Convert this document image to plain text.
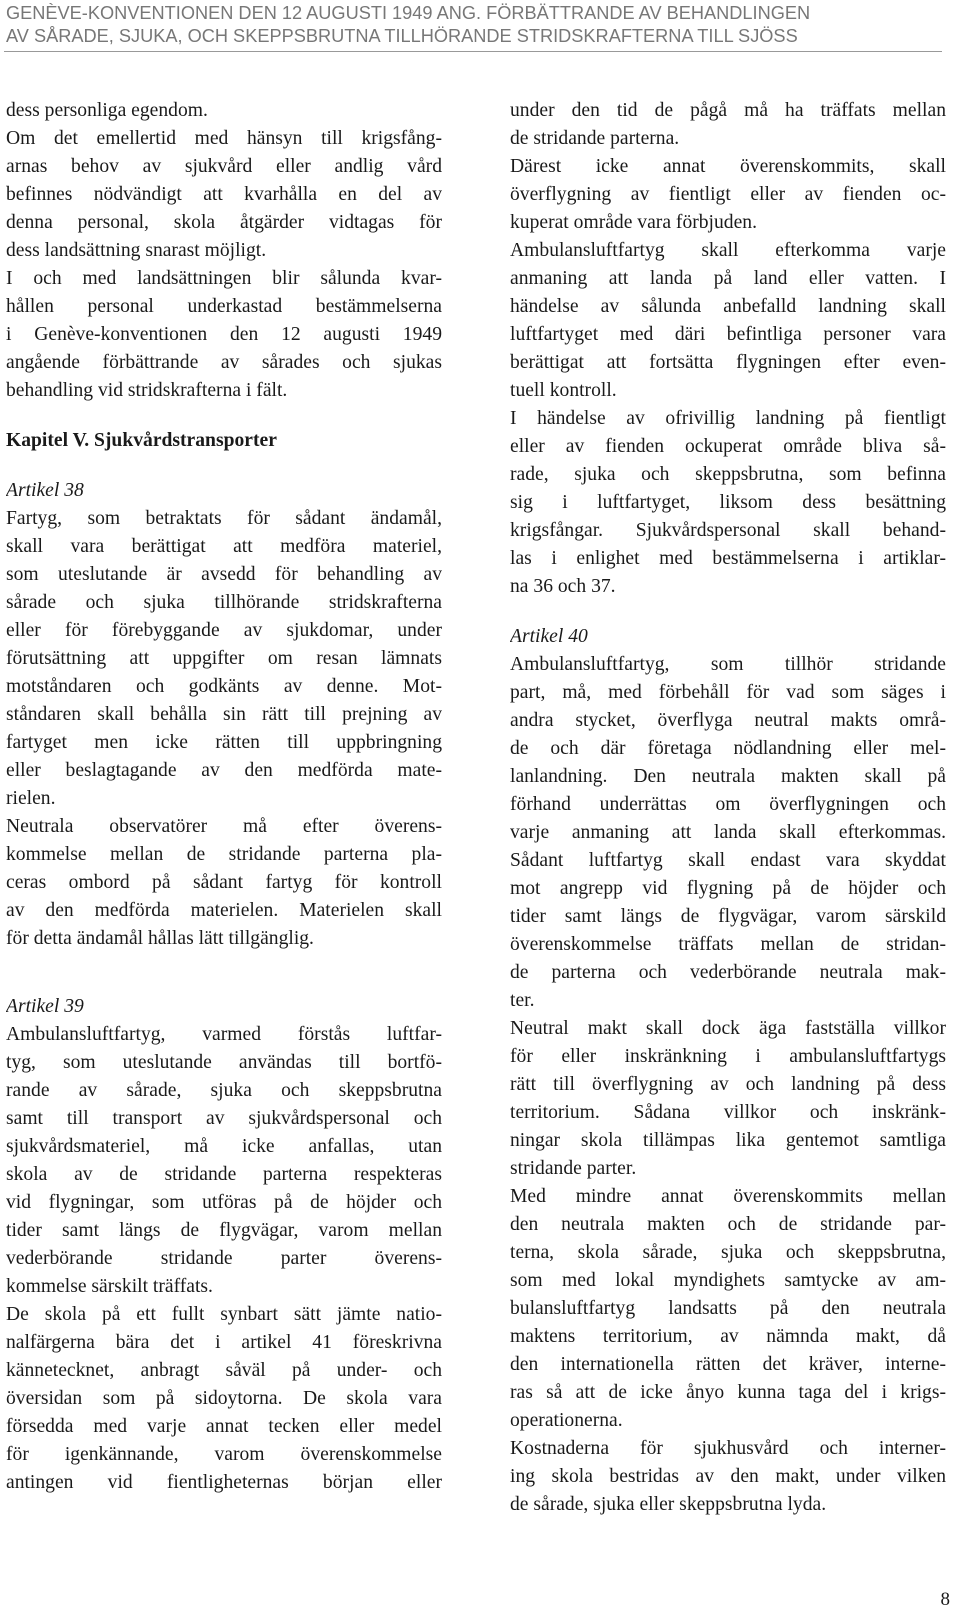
GENÈVE-KONVENTIONEN DEN 12 AUGUSTI 1949 ANG. FÖRBÄTTRANDE AV BEHANDLINGEN
AV SÅRADE, SJUKA, OCH SKEPPSBRUTNA TILLHÖRANDE STRIDSKRAFTERNA TILL SJÖSS
dess personliga egendom.
Om det emellertid med hänsyn till krigsfång-
arnas behov av sjukvård eller andlig vård
befinnes nödvändigt att kvarhålla en del av
denna personal, skola åtgärder vidtagas för
dess landsättning snarast möjligt.
I och med landsättningen blir sålunda kvar-
hållen personal underkastad bestämmelserna
i Genève-konventionen den 12 augusti 1949
angående förbättrande av sårades och sjukas
behandling vid stridskrafterna i fält.
Kapitel V. Sjukvårdstransporter
Artikel 38
Fartyg, som betraktats för sådant ändamål,
skall vara berättigat att medföra materiel,
som uteslutande är avsedd för behandling av
sårade och sjuka tillhörande stridskrafterna
eller för förebyggande av sjukdomar, under
förutsättning att uppgifter om resan lämnats
motståndaren och godkänts av denne. Mot-
ståndaren skall behålla sin rätt till prejning av
fartyget men icke rätten till uppbringning
eller beslagtagande av den medförda mate-
rielen.
Neutrala observatörer må efter överens-
kommelse mellan de stridande parterna pla-
ceras ombord på sådant fartyg för kontroll
av den medförda materielen. Materielen skall
för detta ändamål hållas lätt tillgänglig.
Artikel 39
Ambulansluftfartyg, varmed förstås luftfar-
tyg, som uteslutande användas till bortfö-
rande av sårade, sjuka och skeppsbrutna
samt till transport av sjukvårdspersonal och
sjukvårdsmateriel, må icke anfallas, utan
skola av de stridande parterna respekteras
vid flygningar, som utföras på de höjder och
tider samt längs de flygvägar, varom mellan
vederbörande stridande parter överens-
kommelse särskilt träffats.
De skola på ett fullt synbart sätt jämte natio-
nalfärgerna bära det i artikel 41 föreskrivna
kännetecknet, anbragt såväl på under- och
översidan som på sidoytorna. De skola vara
försedda med varje annat tecken eller medel
för igenkännande, varom överenskommelse
antingen vid fientligheternas början eller
under den tid de pågå må ha träffats mellan
de stridande parterna.
Därest icke annat överenskommits, skall
överflygning av fientligt eller av fienden oc-
kuperat område vara förbjuden.
Ambulansluftfartyg skall efterkomma varje
anmaning att landa på land eller vatten. I
händelse av sålunda anbefalld landning skall
luftfartyget med däri befintliga personer vara
berättigat att fortsätta flygningen efter even-
tuell kontroll.
I händelse av ofrivillig landning på fientligt
eller av fienden ockuperat område bliva så-
rade, sjuka och skeppsbrutna, som befinna
sig i luftfartyget, liksom dess besättning
krigsfångar. Sjukvårdspersonal skall behand-
las i enlighet med bestämmelserna i artiklar-
na 36 och 37.
Artikel 40
Ambulansluftfartyg, som tillhör stridande
part, må, med förbehåll för vad som säges i
andra stycket, överflyga neutral makts områ-
de och där företaga nödlandning eller mel-
lanlandning. Den neutrala makten skall på
förhand underrättas om överflygningen och
varje anmaning att landa skall efterkommas.
Sådant luftfartyg skall endast vara skyddat
mot angrepp vid flygning på de höjder och
tider samt längs de flygvägar, varom särskild
överenskommelse träffats mellan de stridan-
de parterna och vederbörande neutrala mak-
ter.
Neutral makt skall dock äga fastställa villkor
för eller inskränkning i ambulansluftfartygs
rätt till överflygning av och landning på dess
territorium. Sådana villkor och inskränk-
ningar skola tillämpas lika gentemot samtliga
stridande parter.
Med mindre annat överenskommits mellan
den neutrala makten och de stridande par-
terna, skola sårade, sjuka och skeppsbrutna,
som med lokal myndighets samtycke av am-
bulansluftfartyg landsatts på den neutrala
maktens territorium, av nämnda makt, då
den internationella rätten det kräver, interne-
ras så att de icke ånyo kunna taga del i krigs-
operationerna.
Kostnaderna för sjukhusvård och interner-
ing skola bestridas av den makt, under vilken
de sårade, sjuka eller skeppsbrutna lyda.
8
